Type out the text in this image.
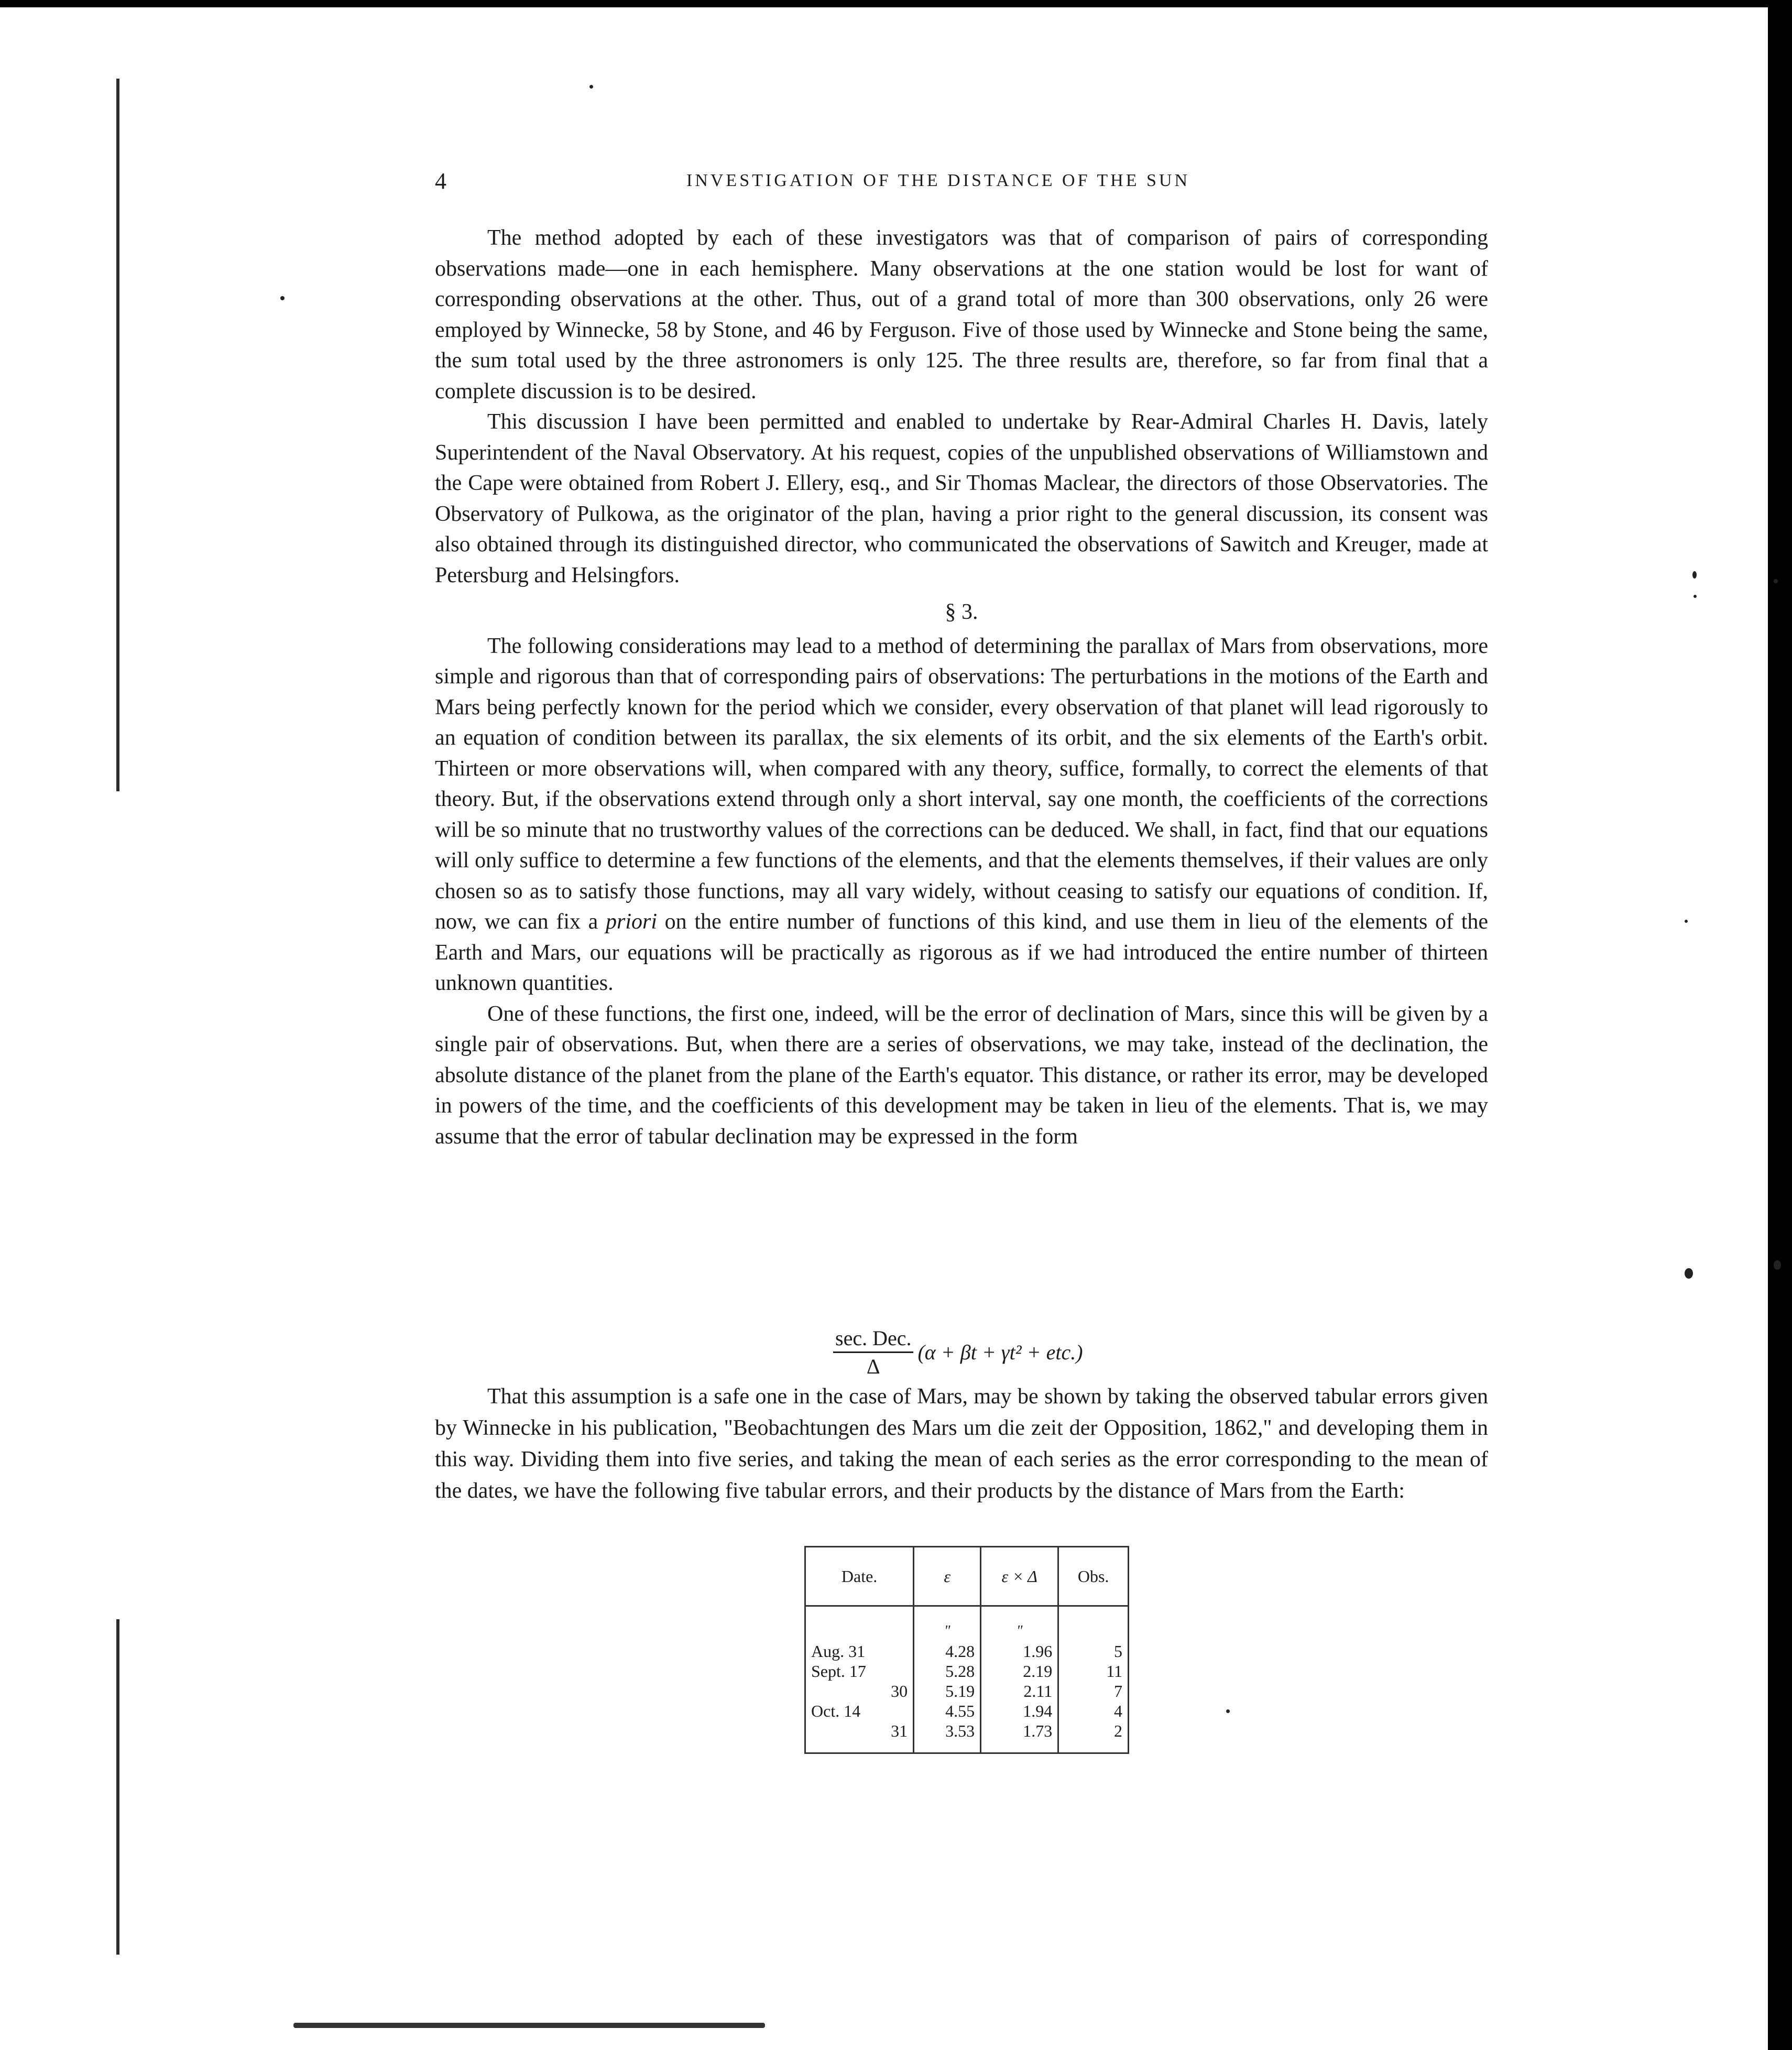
4	INVESTIGATION OF THE DISTANCE OF THE SUN

The method adopted by each of these investigators was that of comparison of pairs of corresponding observations made—one in each hemisphere. Many observations at the one station would be lost for want of corresponding observations at the other. Thus, out of a grand total of more than 300 observations, only 26 were employed by Winnecke, 58 by Stone, and 46 by Ferguson. Five of those used by Winnecke and Stone being the same, the sum total used by the three astronomers is only 125. The three results are, therefore, so far from final that a complete discussion is to be desired.

This discussion I have been permitted and enabled to undertake by Rear-Admiral Charles H. Davis, lately Superintendent of the Naval Observatory. At his request, copies of the unpublished observations of Williamstown and the Cape were obtained from Robert J. Ellery, esq., and Sir Thomas Maclear, the directors of those Observatories. The Observatory of Pulkowa, as the originator of the plan, having a prior right to the general discussion, its consent was also obtained through its distinguished director, who communicated the observations of Sawitch and Kreuger, made at Petersburg and Helsingfors.

§ 3.

The following considerations may lead to a method of determining the parallax of Mars from observations, more simple and rigorous than that of corresponding pairs of observations: The perturbations in the motions of the Earth and Mars being perfectly known for the period which we consider, every observation of that planet will lead rigorously to an equation of condition between its parallax, the six elements of its orbit, and the six elements of the Earth's orbit. Thirteen or more observations will, when compared with any theory, suffice, formally, to correct the elements of that theory. But, if the observations extend through only a short interval, say one month, the coefficients of the corrections will be so minute that no trustworthy values of the corrections can be deduced. We shall, in fact, find that our equations will only suffice to determine a few functions of the elements, and that the elements themselves, if their values are only chosen so as to satisfy those functions, may all vary widely, without ceasing to satisfy our equations of condition. If, now, we can fix a priori on the entire number of functions of this kind, and use them in lieu of the elements of the Earth and Mars, our equations will be practically as rigorous as if we had introduced the entire number of thirteen unknown quantities.

One of these functions, the first one, indeed, will be the error of declination of Mars, since this will be given by a single pair of observations. But, when there are a series of observations, we may take, instead of the declination, the absolute distance of the planet from the plane of the Earth's equator. This distance, or rather its error, may be developed in powers of the time, and the coefficients of this development may be taken in lieu of the elements. That is, we may assume that the error of tabular declination may be expressed in the form

$\frac{\text{sec. Dec.}}{\Delta} (\alpha + \beta t + \gamma t^2 + etc.)$

That this assumption is a safe one in the case of Mars, may be shown by taking the observed tabular errors given by Winnecke in his publication, "Beobachtungen des Mars um die zeit der Opposition, 1862," and developing them in this way. Dividing them into five series, and taking the mean of each series as the error corresponding to the mean of the dates, we have the following five tabular errors, and their products by the distance of Mars from the Earth:

Date.	ε	ε × Δ	Obs.
	"	"	
Aug. 31	4.28	1.96	5
Sept. 17	5.28	2.19	11
30	5.19	2.11	7
Oct. 14	4.55	1.94	4
31	3.53	1.73	2
